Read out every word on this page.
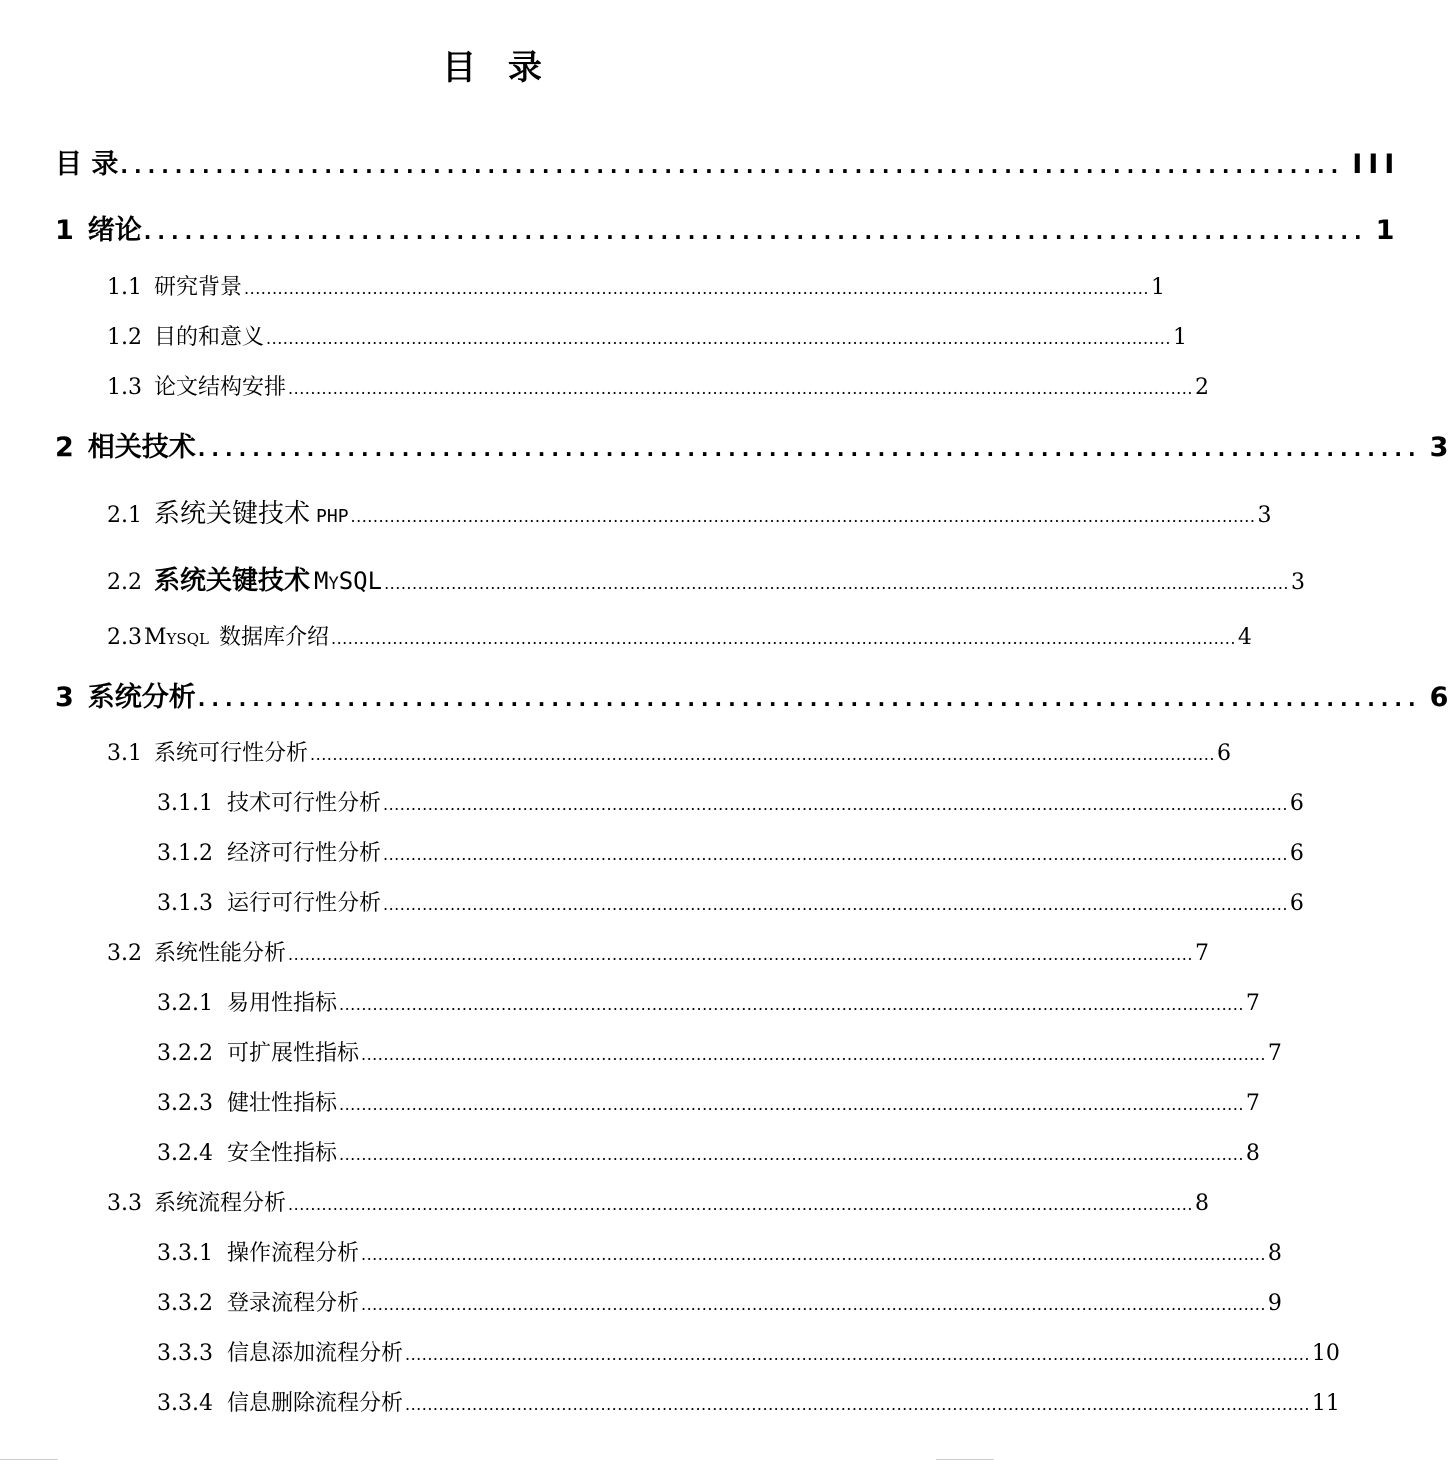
目 录
目 录 .......................................................................................... III
1 绪论 .......................................................................................... 1
1.1 研究背景 .................................................................................................................................................................. 1
1.2 目的和意义 .................................................................................................................................................................. 1
1.3 论文结构安排 .................................................................................................................................................................. 2
2 相关技术 .......................................................................................... 3
2.1 系统关键技术 PHP .................................................................................................................................................................. 3
2.2 系统关键技术 MySQL .................................................................................................................................................................. 3
2.3 Mysql 数据库介绍 .................................................................................................................................................................. 4
3 系统分析 .......................................................................................... 6
3.1 系统可行性分析 .................................................................................................................................................................. 6
3.1.1 技术可行性分析 .................................................................................................................................................................. 6
3.1.2 经济可行性分析 .................................................................................................................................................................. 6
3.1.3 运行可行性分析 .................................................................................................................................................................. 6
3.2 系统性能分析 .................................................................................................................................................................. 7
3.2.1 易用性指标 .................................................................................................................................................................. 7
3.2.2 可扩展性指标 .................................................................................................................................................................. 7
3.2.3 健壮性指标 .................................................................................................................................................................. 7
3.2.4 安全性指标 .................................................................................................................................................................. 8
3.3 系统流程分析 .................................................................................................................................................................. 8
3.3.1 操作流程分析 .................................................................................................................................................................. 8
3.3.2 登录流程分析 .................................................................................................................................................................. 9
3.3.3 信息添加流程分析 .................................................................................................................................................................. 10
3.3.4 信息删除流程分析 .................................................................................................................................................................. 11
